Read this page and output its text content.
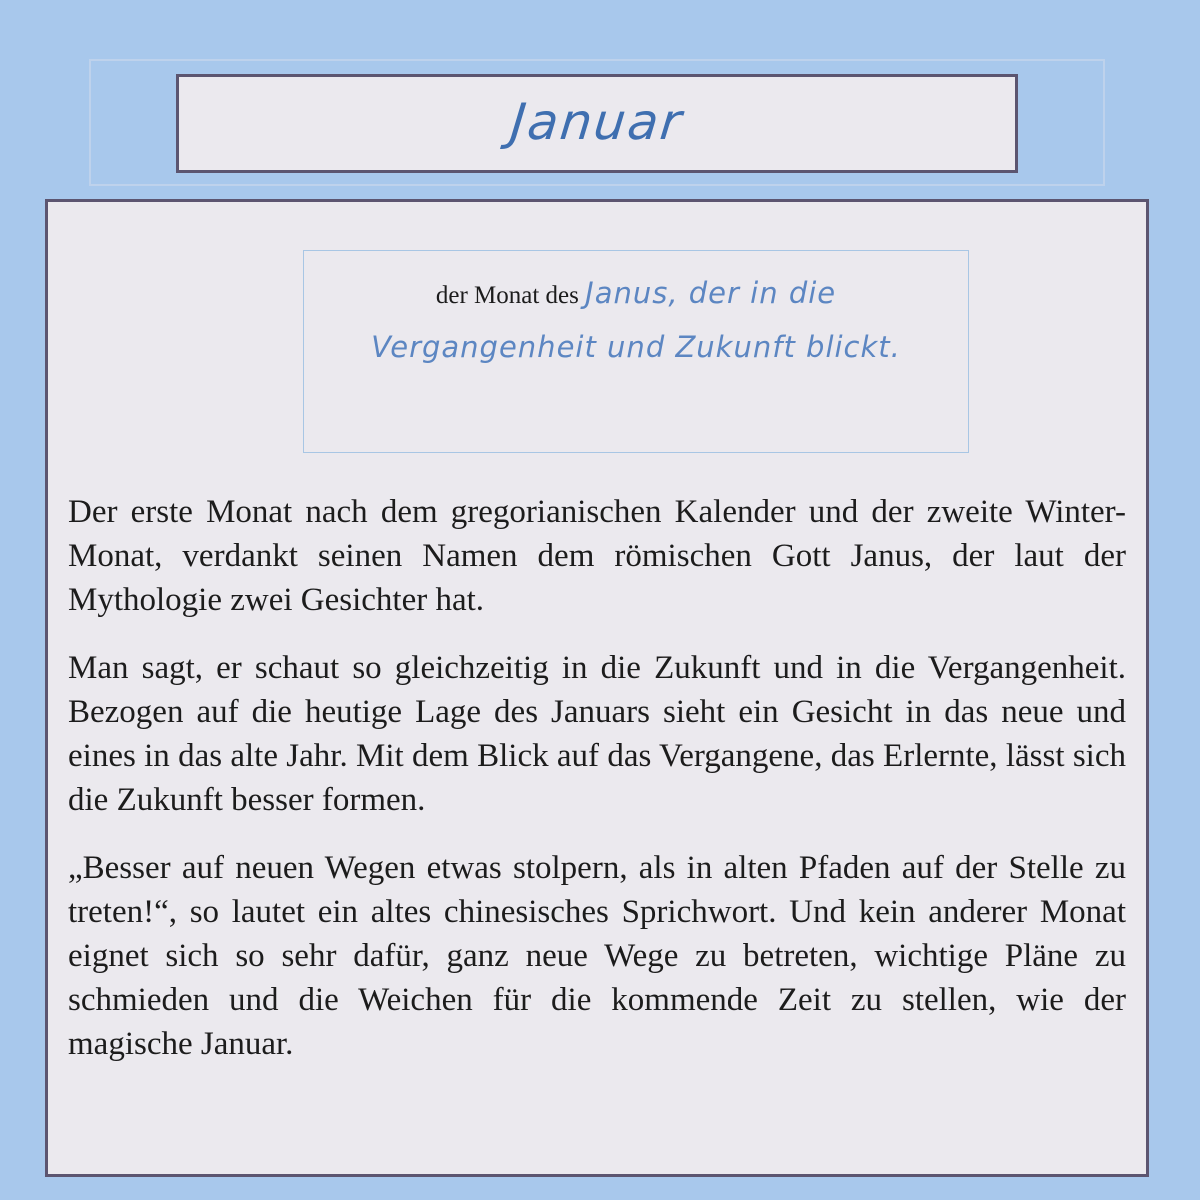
Januar
der Monat des Janus, der in die Vergangenheit und Zukunft blickt.

Der erste Monat nach dem gregorianischen Kalender und der zweite Winter-Monat, verdankt seinen Namen dem römischen Gott Janus, der laut der Mythologie zwei Gesichter hat.

Man sagt, er schaut so gleichzeitig in die Zukunft und in die Vergangenheit. Bezogen auf die heutige Lage des Januars sieht ein Gesicht in das neue und eines in das alte Jahr. Mit dem Blick auf das Vergangene, das Erlernte, lässt sich die Zukunft besser formen.

„Besser auf neuen Wegen etwas stolpern, als in alten Pfaden auf der Stelle zu treten!“, so lautet ein altes chinesisches Sprichwort. Und kein anderer Monat eignet sich so sehr dafür, ganz neue Wege zu betreten, wichtige Pläne zu schmieden und die Weichen für die kommende Zeit zu stellen, wie der magische Januar.
